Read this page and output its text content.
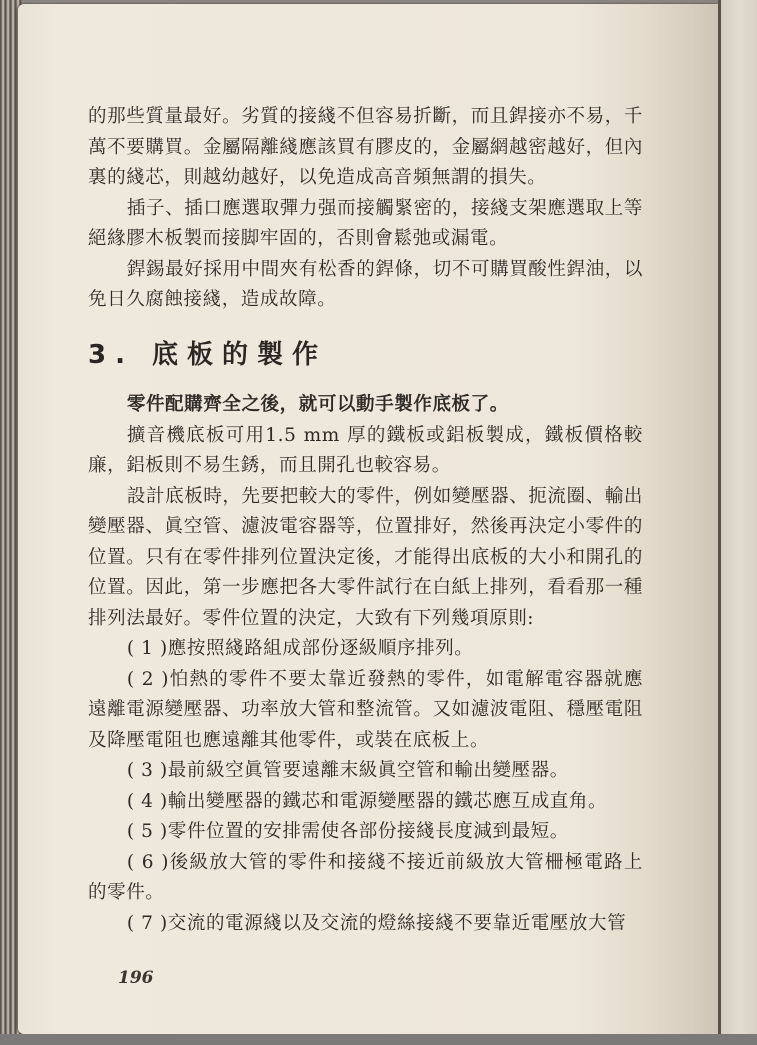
的那些質量最好。劣質的接綫不但容易折斷，而且銲接亦不易，千萬不要購買。金屬隔離綫應該買有膠皮的，金屬網越密越好，但內裏的綫芯，則越幼越好，以免造成高音頻無謂的損失。

插子、插口應選取彈力强而接觸緊密的，接綫支架應選取上等絕緣膠木板製而接脚牢固的，否則會鬆弛或漏電。

銲錫最好採用中間夾有松香的銲條，切不可購買酸性銲油，以免日久腐蝕接綫，造成故障。

3. 底板的製作

零件配購齊全之後，就可以動手製作底板了。

擴音機底板可用1.5 mm 厚的鐵板或鋁板製成，鐵板價格較廉，鋁板則不易生銹，而且開孔也較容易。

設計底板時，先要把較大的零件，例如變壓器、扼流圈、輸出變壓器、眞空管、濾波電容器等，位置排好，然後再決定小零件的位置。只有在零件排列位置決定後，才能得出底板的大小和開孔的位置。因此，第一步應把各大零件試行在白紙上排列，看看那一種排列法最好。零件位置的決定，大致有下列幾項原則:

( 1 )應按照綫路組成部份逐級順序排列。

( 2 )怕熱的零件不要太靠近發熱的零件，如電解電容器就應遠離電源變壓器、功率放大管和整流管。又如濾波電阻、穩壓電阻及降壓電阻也應遠離其他零件，或裝在底板上。

( 3 )最前級空眞管要遠離末級眞空管和輸出變壓器。

( 4 )輸出變壓器的鐵芯和電源變壓器的鐵芯應互成直角。

( 5 )零件位置的安排需使各部份接綫長度減到最短。

( 6 )後級放大管的零件和接綫不接近前級放大管柵極電路上的零件。

( 7 )交流的電源綫以及交流的燈絲接綫不要靠近電壓放大管

196
